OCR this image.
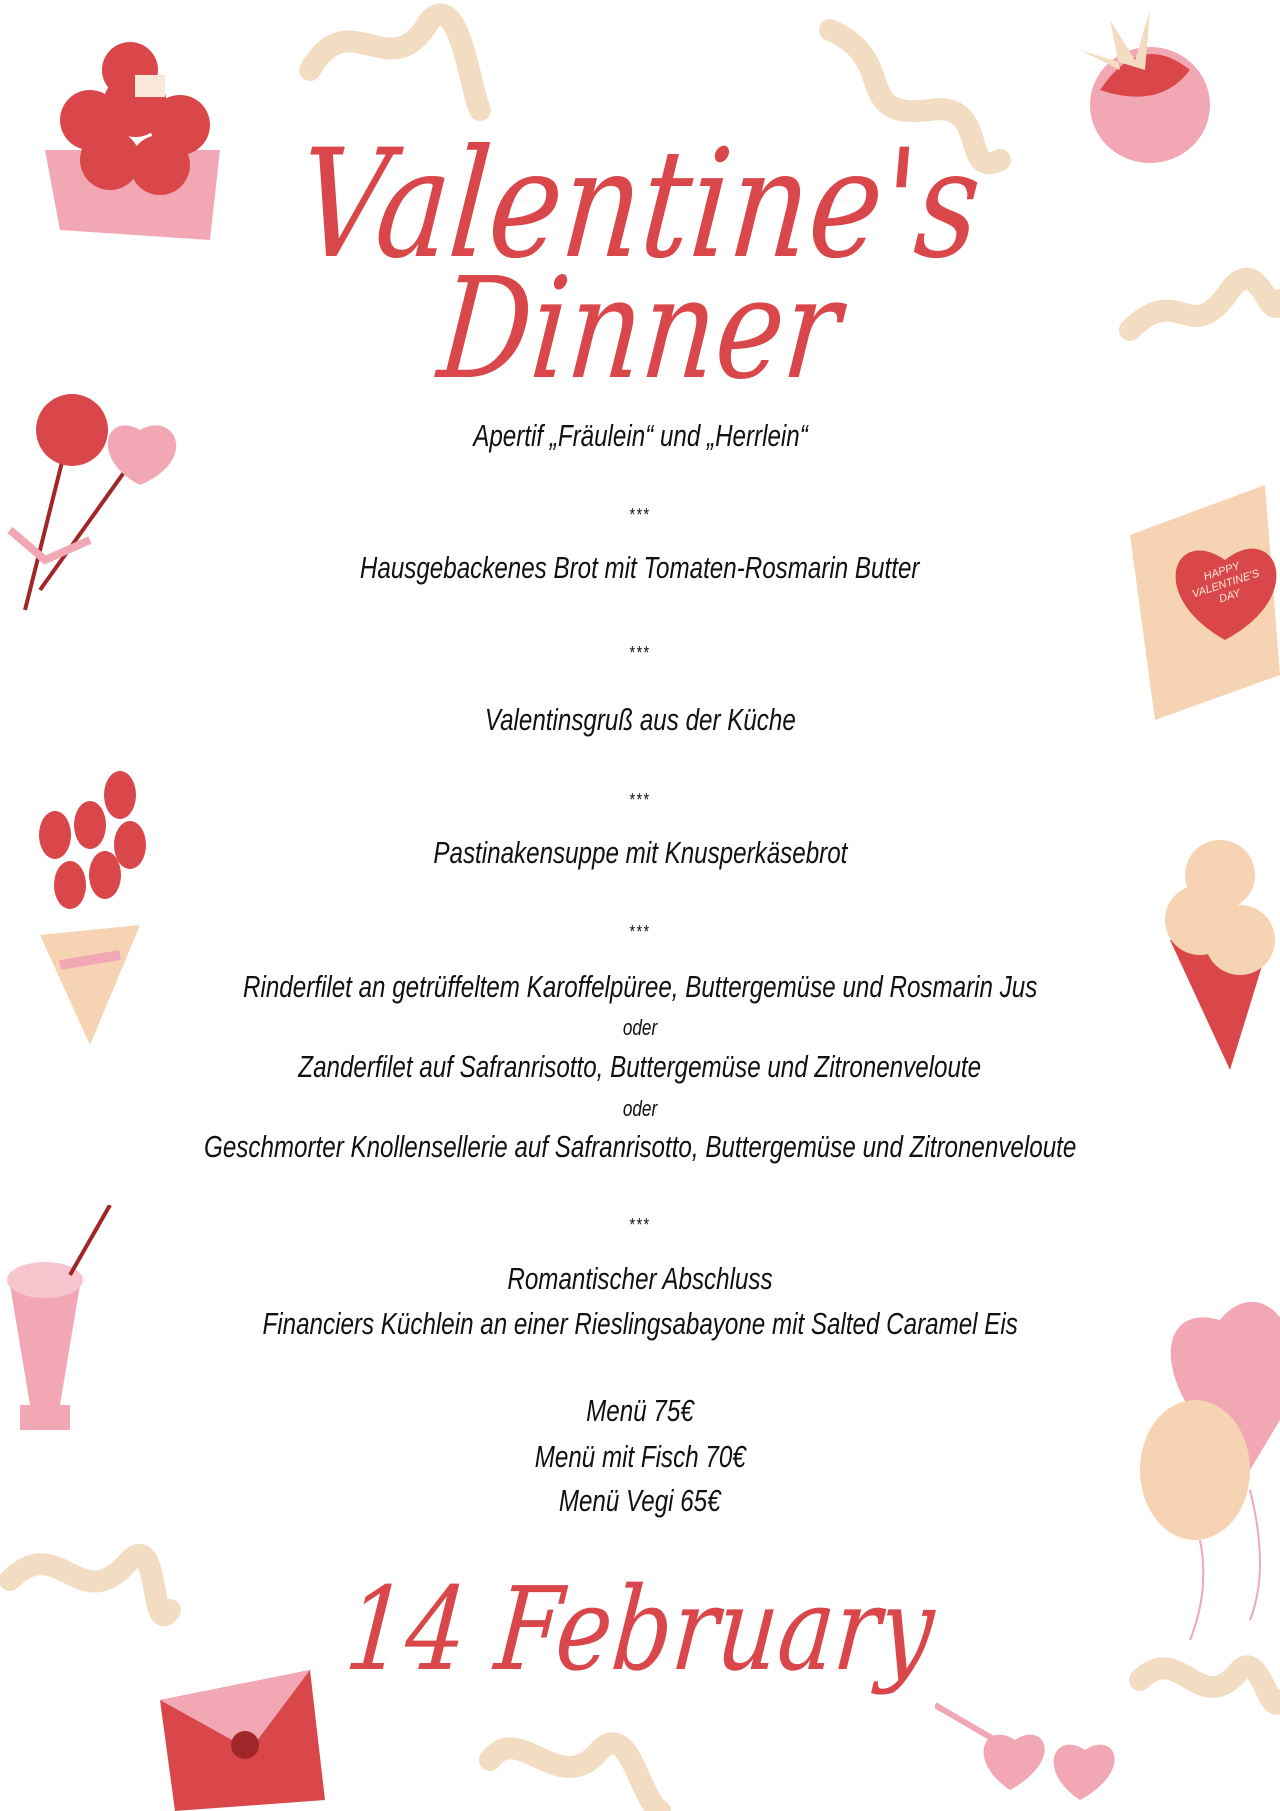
HAPPY VALENTINE'S DAY
Valentine's
Dinner
Apertif „Fräulein“ und „Herrlein“
***
Hausgebackenes Brot mit Tomaten-Rosmarin Butter
***
Valentinsgruß aus der Küche
***
Pastinakensuppe mit Knusperkäsebrot
***
Rinderfilet an getrüffeltem Karoffelpüree, Buttergemüse und Rosmarin Jus
oder
Zanderfilet auf Safranrisotto, Buttergemüse und Zitronenveloute
oder
Geschmorter Knollensellerie auf Safranrisotto, Buttergemüse und Zitronenveloute
***
Romantischer Abschluss
Financiers Küchlein an einer Rieslingsabayone mit Salted Caramel Eis
Menü 75€
Menü mit Fisch 70€
Menü Vegi 65€
14 February
